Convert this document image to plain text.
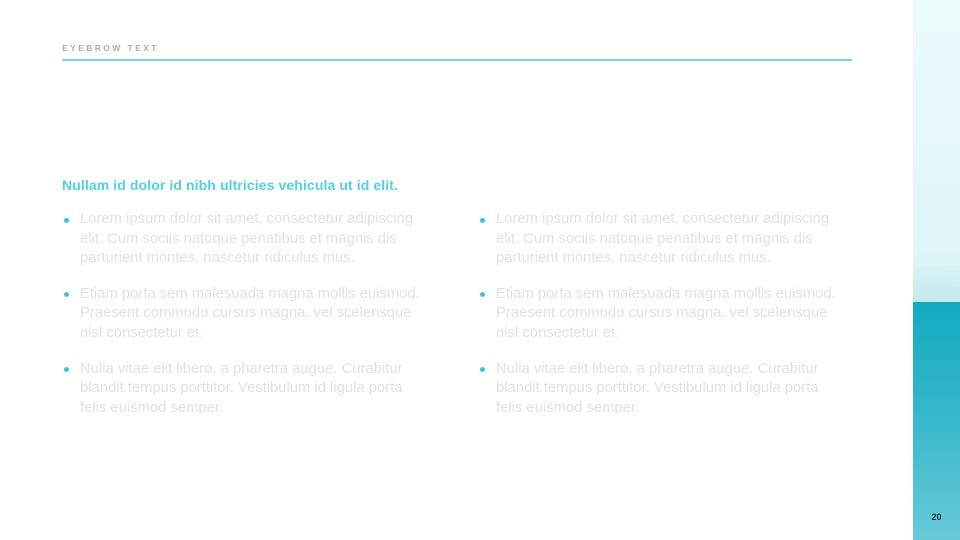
EYEBROW TEXT
Nullam id dolor id nibh ultricies vehicula ut id elit.
Lorem ipsum dolor sit amet, consectetur adipiscing elit. Cum sociis natoque penatibus et magnis dis parturient montes, nascetur ridiculus mus.
Etiam porta sem malesuada magna mollis euismod. Praesent commodo cursus magna, vel scelerisque nisl consectetur et.
Nulla vitae elit libero, a pharetra augue. Curabitur blandit tempus porttitor. Vestibulum id ligula porta felis euismod semper.
Lorem ipsum dolor sit amet, consectetur adipiscing elit. Cum sociis natoque penatibus et magnis dis parturient montes, nascetur ridiculus mus.
Etiam porta sem malesuada magna mollis euismod. Praesent commodo cursus magna, vel scelerisque nisl consectetur et.
Nulla vitae elit libero, a pharetra augue. Curabitur blandit tempus porttitor. Vestibulum id ligula porta felis euismod semper.
20
